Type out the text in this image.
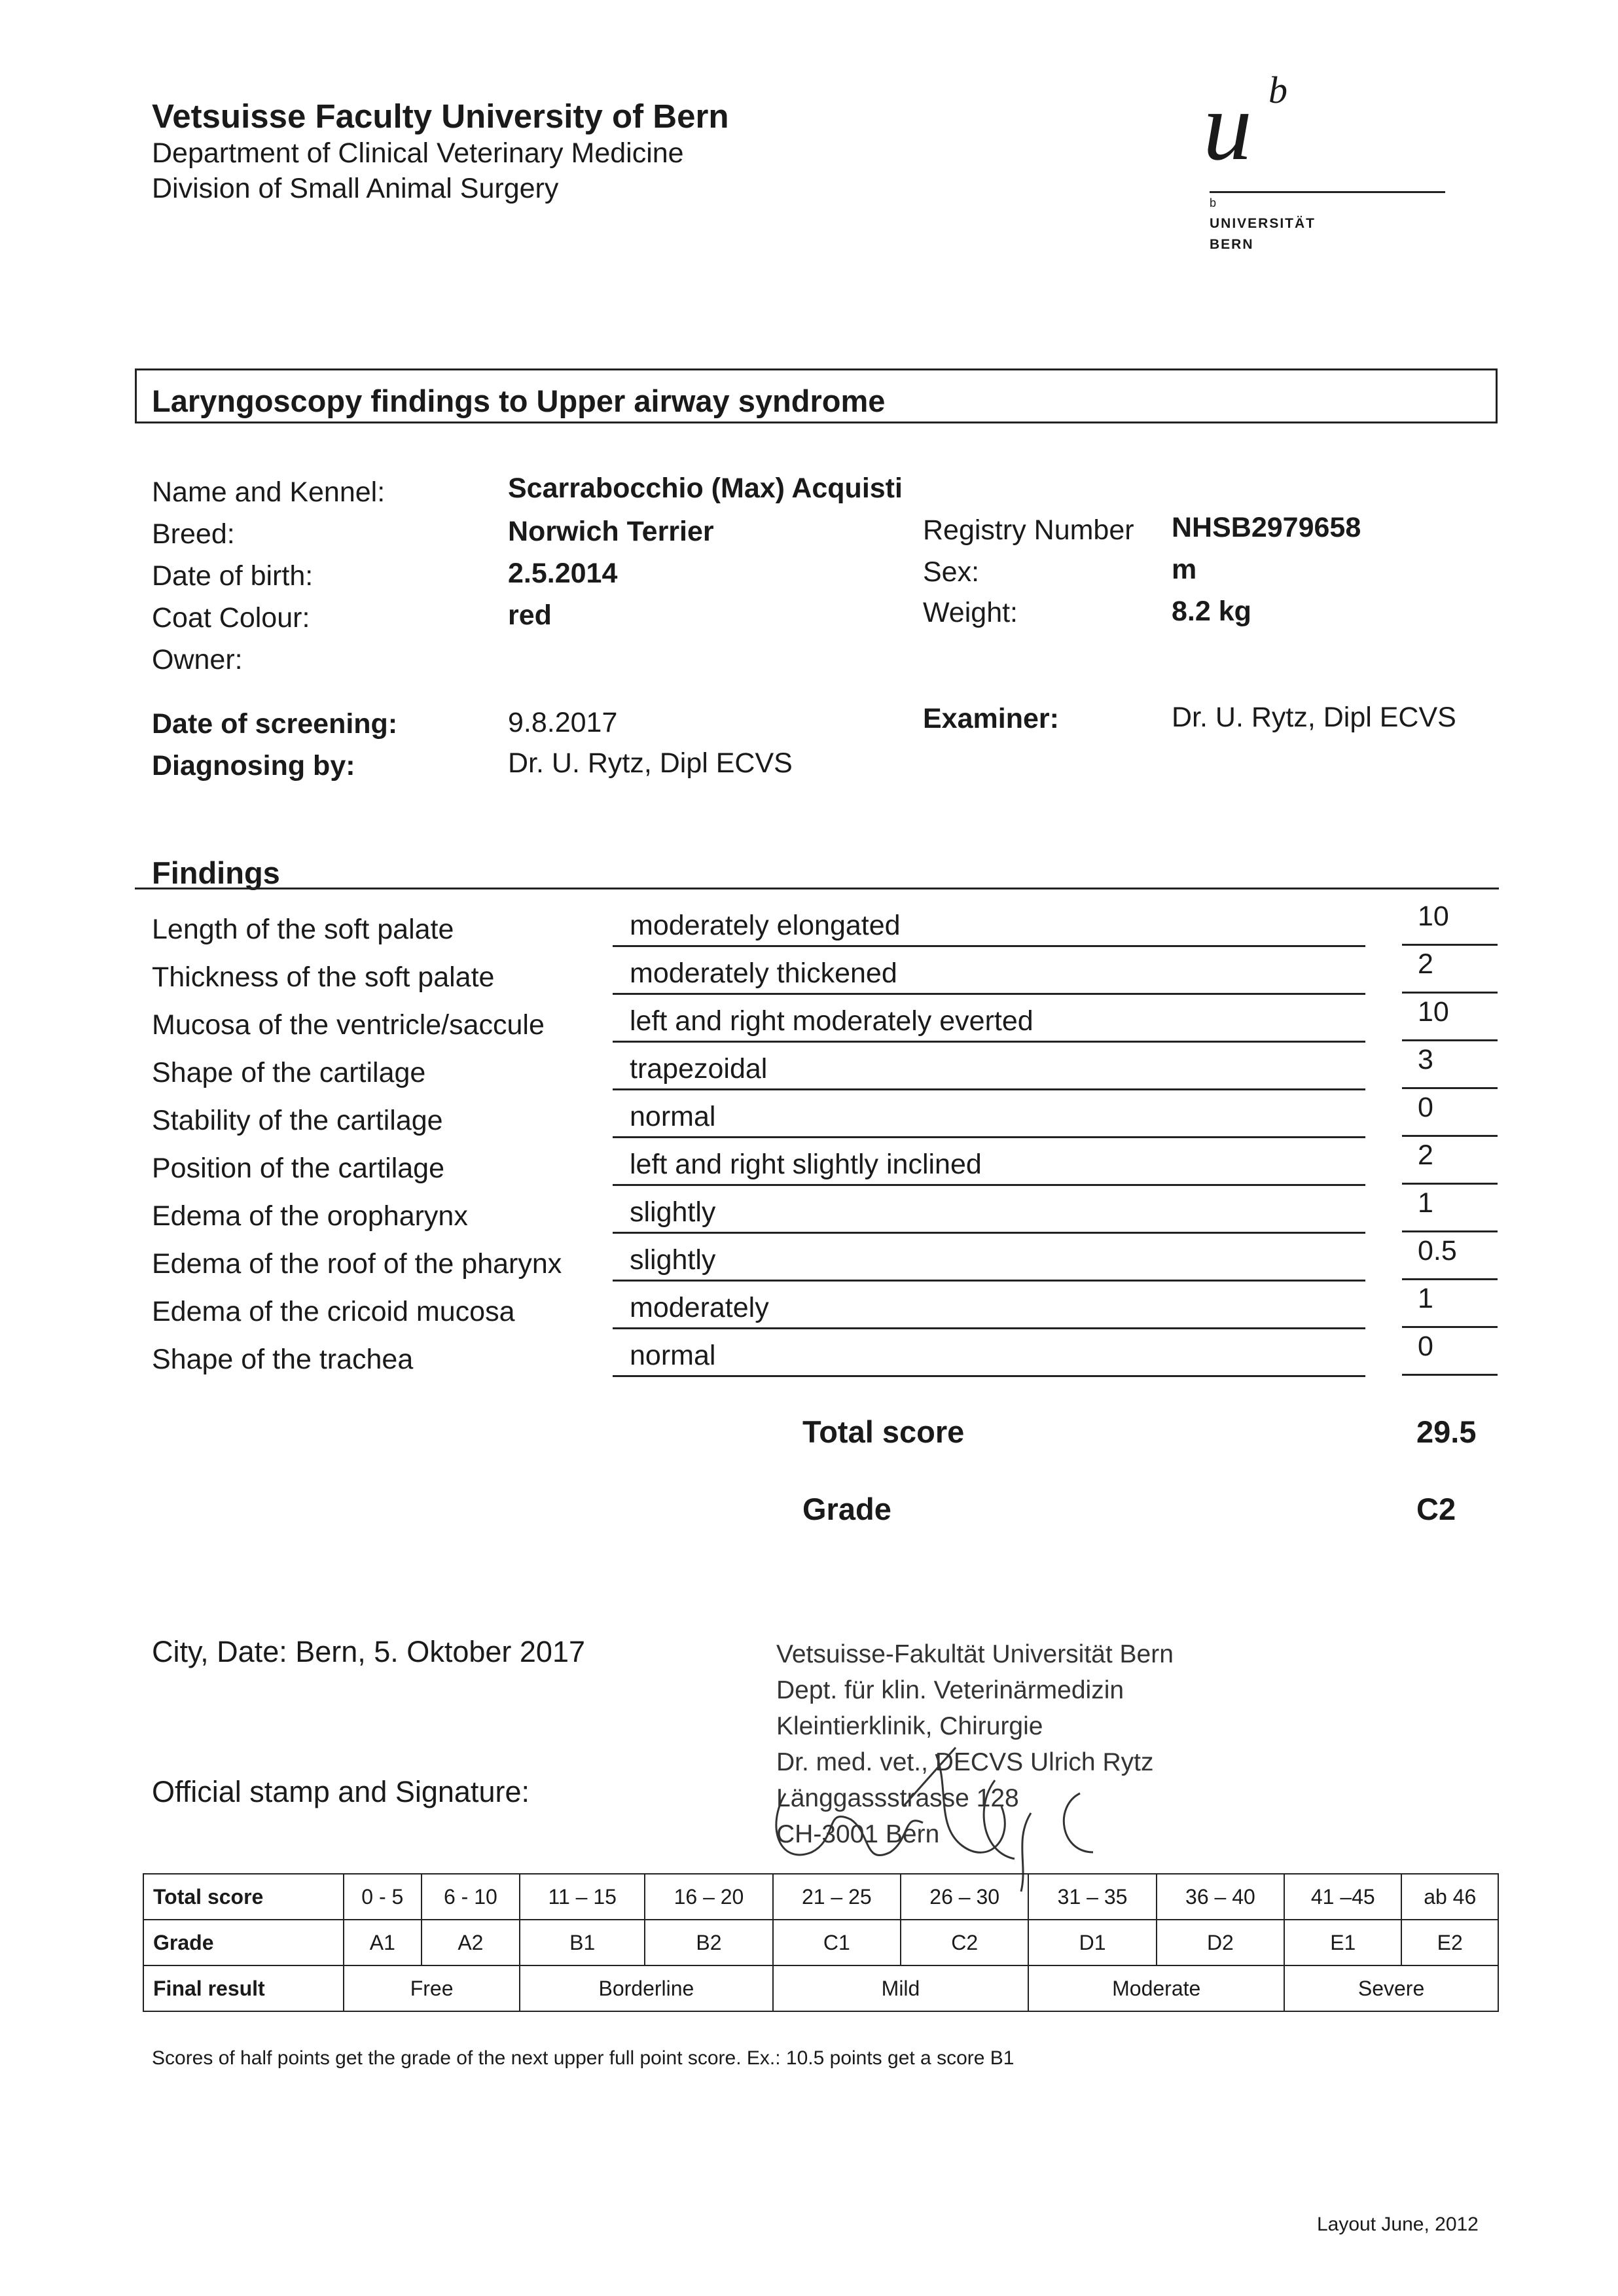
Vetsuisse Faculty University of Bern
Department of Clinical Veterinary Medicine
Division of Small Animal Surgery
u b
b
UNIVERSITÄT
BERN
Laryngoscopy findings to Upper airway syndrome
Name and Kennel:	Scarrabocchio (Max) Acquisti
Breed:	Norwich Terrier	Registry Number NHSB2979658
Date of birth:	2.5.2014	Sex:	m
Coat Colour:	red	Weight:	8.2 kg
Owner:
Date of screening:	9.8.2017	Examiner:	Dr. U. Rytz, Dipl ECVS
Diagnosing by:	Dr. U. Rytz, Dipl ECVS
Findings
Length of the soft palate	moderately elongated	10
Thickness of the soft palate	moderately thickened	2
Mucosa of the ventricle/saccule	left and right moderately everted	10
Shape of the cartilage	trapezoidal	3
Stability of the cartilage	normal	0
Position of the cartilage	left and right slightly inclined	2
Edema of the oropharynx	slightly	1
Edema of the roof of the pharynx slightly	0.5
Edema of the cricoid mucosa	moderately	1
Shape of the trachea	normal	0
Total score	29.5
Grade	C2
City, Date: Bern, 5. Oktober 2017
Official stamp and Signature:
Vetsuisse-Fakultät Universität Bern
Dept. für klin. Veterinärmedizin
Kleintierklinik, Chirurgie
Dr. med. vet., DECVS Ulrich Rytz
Länggassstrasse 128
CH-3001 Bern
Total score	0 - 5	6 - 10	11 – 15	16 – 20	21 – 25	26 – 30	31 – 35	36 – 40	41 –45	ab 46
Grade	A1	A2	B1	B2	C1	C2	D1	D2	E1	E2
Final result	Free		Borderline		Mild		Moderate		Severe	
Scores of half points get the grade of the next upper full point score. Ex.: 10.5 points get a score B1
Layout June, 2012
